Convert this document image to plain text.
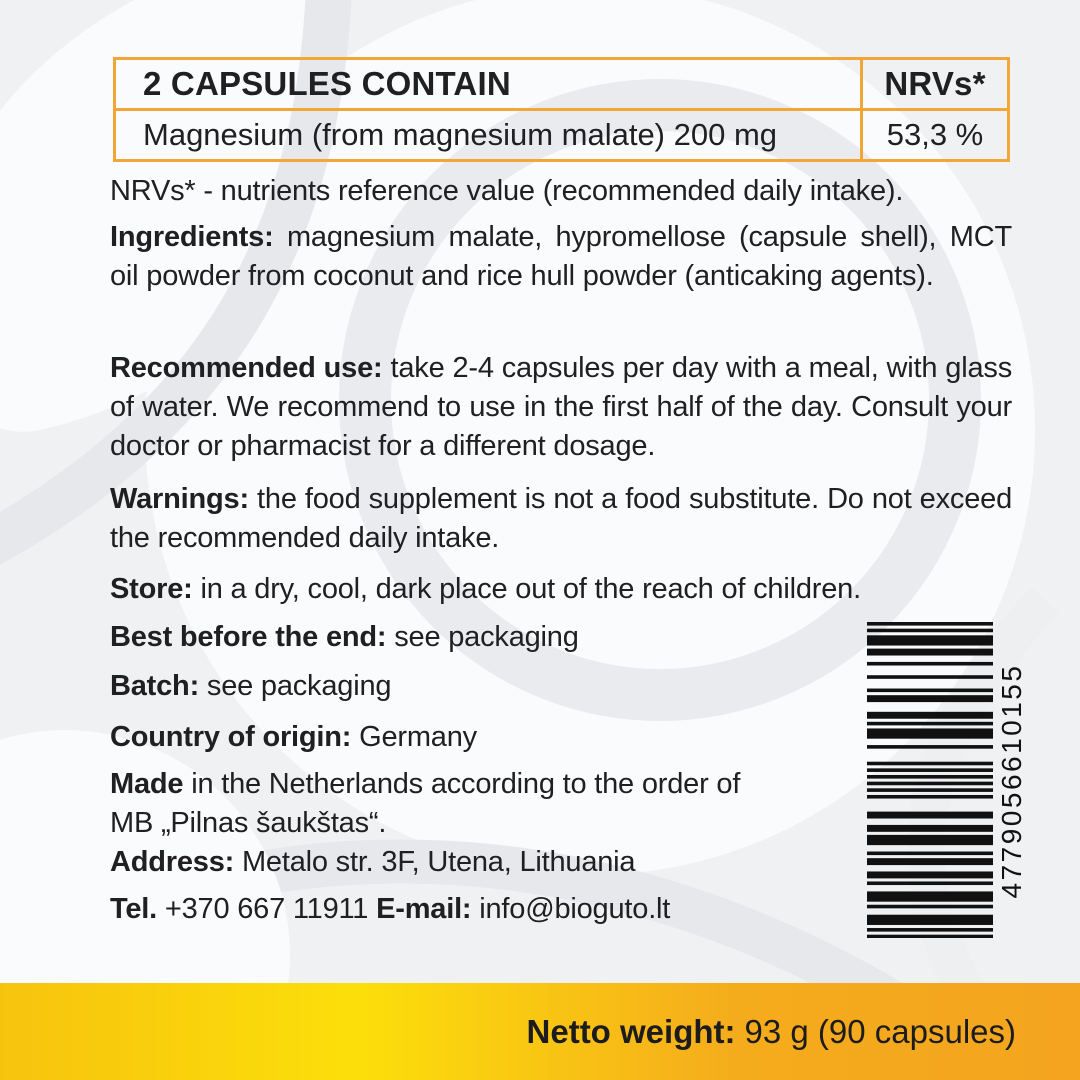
2 CAPSULES CONTAIN	NRVs*
Magnesium (from magnesium malate) 200 mg	53,3 %

NRVs* - nutrients reference value (recommended daily intake).

Ingredients: magnesium malate, hypromellose (capsule shell), MCT oil powder from coconut and rice hull powder (anticaking agents).

Recommended use: take 2-4 capsules per day with a meal, with glass of water. We recommend to use in the first half of the day. Consult your doctor or pharmacist for a different dosage.

Warnings: the food supplement is not a food substitute. Do not exceed the recommended daily intake.

Store: in a dry, cool, dark place out of the reach of children.

Best before the end: see packaging

Batch: see packaging

Country of origin: Germany

Made in the Netherlands according to the order of
MB „Pilnas šaukštas“.
Address: Metalo str. 3F, Utena, Lithuania

Tel. +370 667 11911 E-mail: info@bioguto.lt

4779056610155
Netto weight: 93 g (90 capsules)
